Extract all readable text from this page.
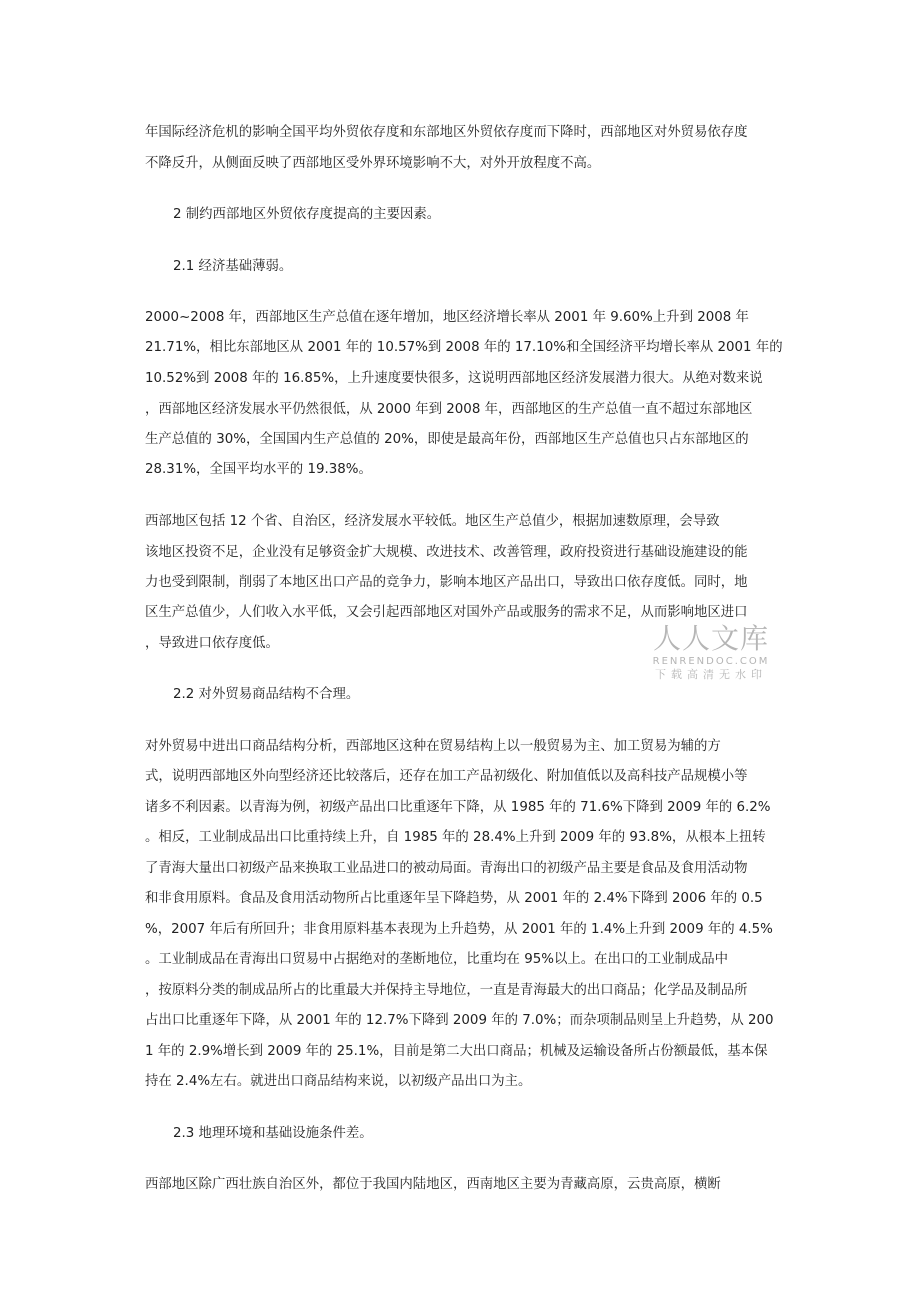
年国际经济危机的影响全国平均外贸依存度和东部地区外贸依存度而下降时，西部地区对外贸易依存度
不降反升，从侧面反映了西部地区受外界环境影响不大，对外开放程度不高。
2 制约西部地区外贸依存度提高的主要因素。
2.1 经济基础薄弱。
2000~2008 年，西部地区生产总值在逐年增加，地区经济增长率从 2001 年 9.60%上升到 2008 年
21.71%，相比东部地区从 2001 年的 10.57%到 2008 年的 17.10%和全国经济平均增长率从 2001 年的
10.52%到 2008 年的 16.85%，上升速度要快很多，这说明西部地区经济发展潜力很大。从绝对数来说
，西部地区经济发展水平仍然很低，从 2000 年到 2008 年，西部地区的生产总值一直不超过东部地区
生产总值的 30%，全国国内生产总值的 20%，即使是最高年份，西部地区生产总值也只占东部地区的
28.31%，全国平均水平的 19.38%。
西部地区包括 12 个省、自治区，经济发展水平较低。地区生产总值少，根据加速数原理，会导致
该地区投资不足，企业没有足够资金扩大规模、改进技术、改善管理，政府投资进行基础设施建设的能
力也受到限制，削弱了本地区出口产品的竞争力，影响本地区产品出口，导致出口依存度低。同时，地
区生产总值少，人们收入水平低，又会引起西部地区对国外产品或服务的需求不足，从而影响地区进口
，导致进口依存度低。
2.2 对外贸易商品结构不合理。
对外贸易中进出口商品结构分析，西部地区这种在贸易结构上以一般贸易为主、加工贸易为辅的方
式，说明西部地区外向型经济还比较落后，还存在加工产品初级化、附加值低以及高科技产品规模小等
诸多不利因素。以青海为例，初级产品出口比重逐年下降，从 1985 年的 71.6%下降到 2009 年的 6.2%
。相反，工业制成品出口比重持续上升，自 1985 年的 28.4%上升到 2009 年的 93.8%，从根本上扭转
了青海大量出口初级产品来换取工业品进口的被动局面。青海出口的初级产品主要是食品及食用活动物
和非食用原料。食品及食用活动物所占比重逐年呈下降趋势，从 2001 年的 2.4%下降到 2006 年的 0.5
%，2007 年后有所回升；非食用原料基本表现为上升趋势，从 2001 年的 1.4%上升到 2009 年的 4.5%
。工业制成品在青海出口贸易中占据绝对的垄断地位，比重均在 95%以上。在出口的工业制成品中
，按原料分类的制成品所占的比重最大并保持主导地位，一直是青海最大的出口商品；化学品及制品所
占出口比重逐年下降，从 2001 年的 12.7%下降到 2009 年的 7.0%；而杂项制品则呈上升趋势，从 200
1 年的 2.9%增长到 2009 年的 25.1%，目前是第二大出口商品；机械及运输设备所占份额最低，基本保
持在 2.4%左右。就进出口商品结构来说，以初级产品出口为主。
2.3 地理环境和基础设施条件差。
西部地区除广西壮族自治区外，都位于我国内陆地区，西南地区主要为青藏高原，云贵高原，横断
人人文库
RENRENDOC.COM
下载高清无水印
